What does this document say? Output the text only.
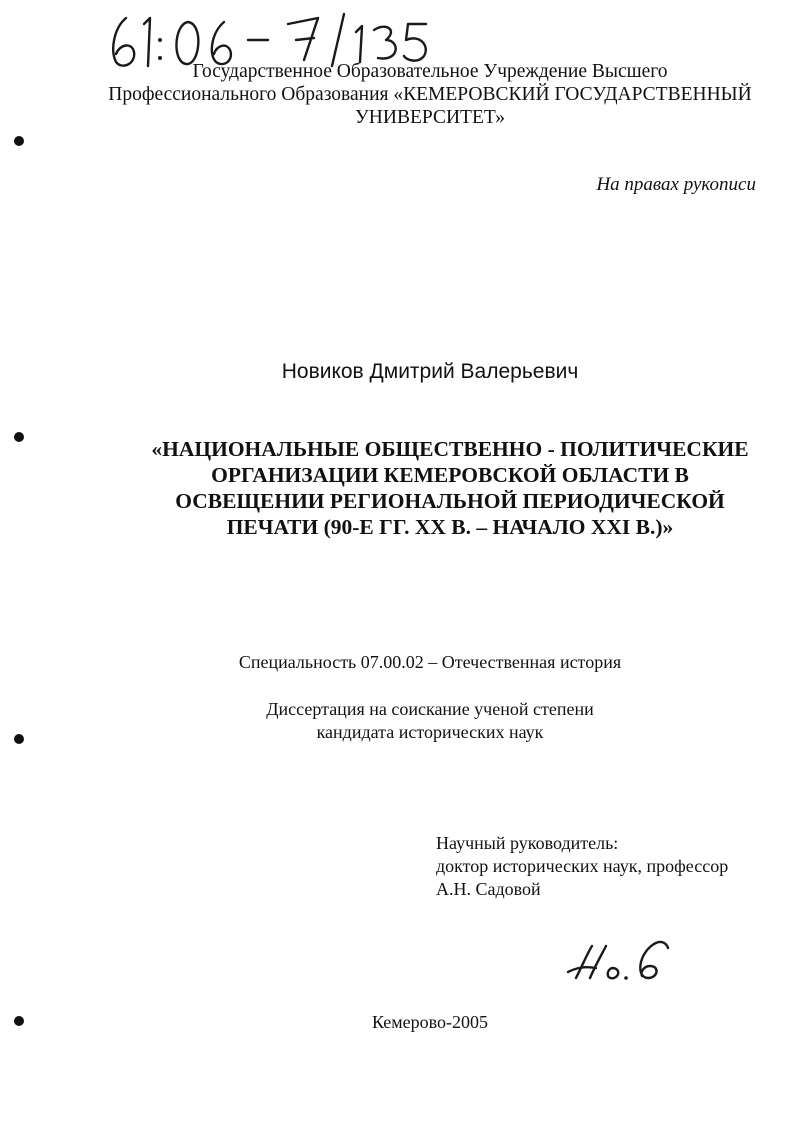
Государственное Образовательное Учреждение Высшего
Профессионального Образования «КЕМЕРОВСКИЙ ГОСУДАРСТВЕННЫЙ
УНИВЕРСИТЕТ»
На правах рукописи
Новиков Дмитрий Валерьевич
«НАЦИОНАЛЬНЫЕ ОБЩЕСТВЕННО - ПОЛИТИЧЕСКИЕ
ОРГАНИЗАЦИИ КЕМЕРОВСКОЙ ОБЛАСТИ В
ОСВЕЩЕНИИ РЕГИОНАЛЬНОЙ ПЕРИОДИЧЕСКОЙ
ПЕЧАТИ (90-Е ГГ. XX В. – НАЧАЛО XXI В.)»
Специальность 07.00.02 – Отечественная история
Диссертация на соискание ученой степени
кандидата исторических наук
Научный руководитель:
доктор исторических наук, профессор
А.Н. Садовой
Кемерово-2005
